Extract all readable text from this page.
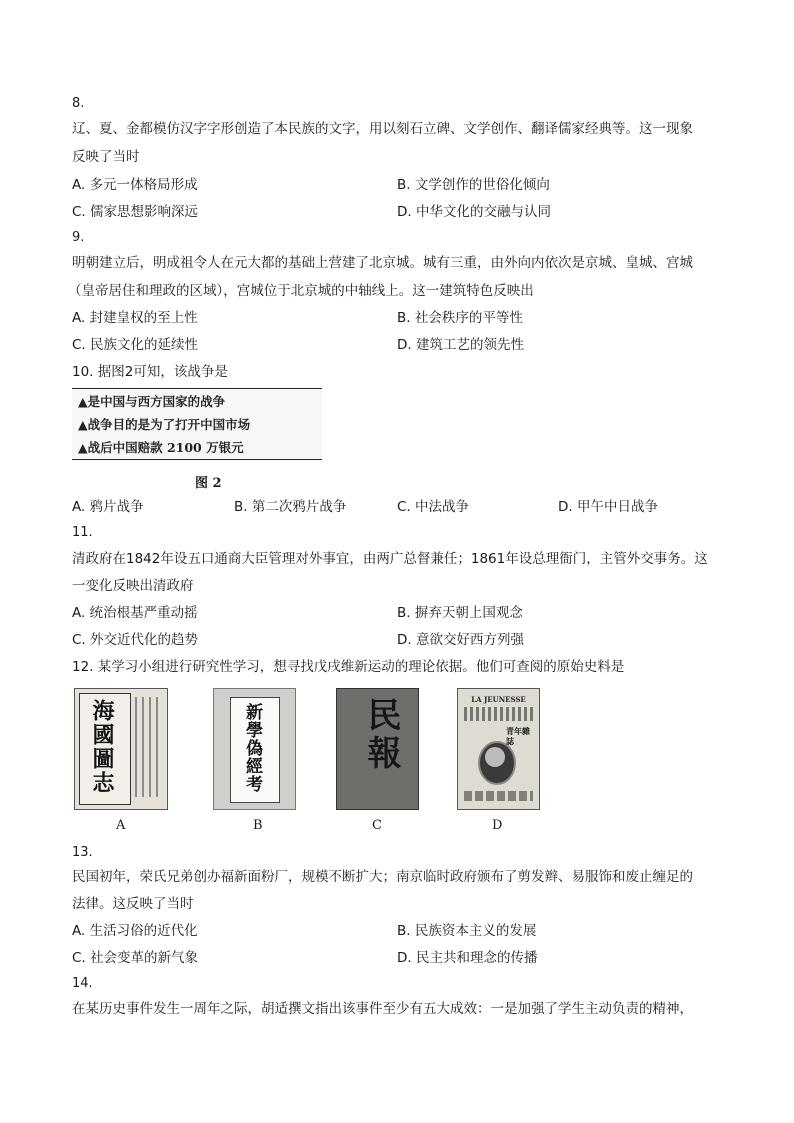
8.
辽、夏、金都模仿汉字字形创造了本民族的文字，用以刻石立碑、文学创作、翻译儒家经典等。这一现象
反映了当时
A. 多元一体格局形成	B. 文学创作的世俗化倾向
C. 儒家思想影响深远	D. 中华文化的交融与认同
9.
明朝建立后，明成祖令人在元大都的基础上营建了北京城。城有三重，由外向内依次是京城、皇城、宫城
（皇帝居住和理政的区域），宫城位于北京城的中轴线上。这一建筑特色反映出
A. 封建皇权的至上性	B. 社会秩序的平等性
C. 民族文化的延续性	D. 建筑工艺的领先性
10. 据图2可知，该战争是
▲是中国与西方国家的战争
▲战争目的是为了打开中国市场
▲战后中国赔款 2100 万银元
图 2
A. 鸦片战争	B. 第二次鸦片战争	C. 中法战争	D. 甲午中日战争
11.
清政府在1842年设五口通商大臣管理对外事宜，由两广总督兼任；1861年设总理衙门，主管外交事务。这
一变化反映出清政府
A. 统治根基严重动摇	B. 摒弃天朝上国观念
C. 外交近代化的趋势	D. 意欲交好西方列强
12. 某学习小组进行研究性学习，想寻找戊戌维新运动的理论依据。他们可查阅的原始史料是
海國圖志	新學偽經考	民報	LA JEUNESSE
青年雜誌
A	B	C	D
13.
民国初年，荣氏兄弟创办福新面粉厂，规模不断扩大；南京临时政府颁布了剪发辫、易服饰和废止缠足的
法律。这反映了当时
A. 生活习俗的近代化	B. 民族资本主义的发展
C. 社会变革的新气象	D. 民主共和理念的传播
14.
在某历史事件发生一周年之际，胡适撰文指出该事件至少有五大成效：一是加强了学生主动负责的精神，
